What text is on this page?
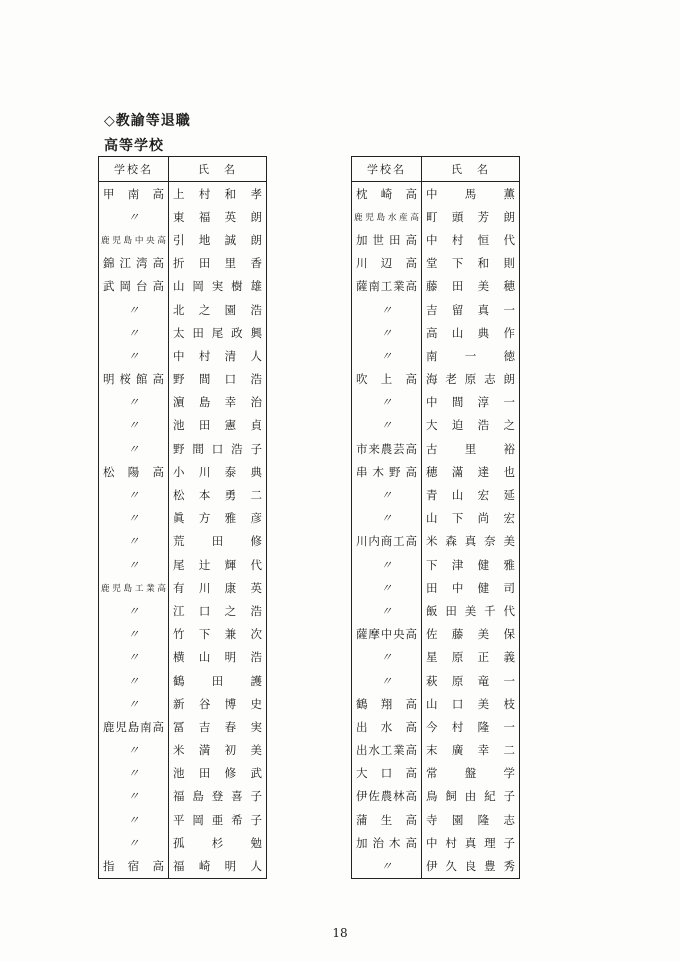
◇教諭等退職
高等学校
学校名	氏　名
甲南高	上村和孝
〃	東福英朗
鹿児島中央高	引地誠朗
錦江湾高	折田里香
武岡台高	山岡実樹雄
〃	北之園浩
〃	太田尾政興
〃	中村清人
明桜館高	野間口浩
〃	濵島幸治
〃	池田憲貞
〃	野間口浩子
松陽高	小川泰典
〃	松本勇二
〃	眞方雅彦
〃	荒田修
〃	尾辻輝代
鹿児島工業高	有川康英
〃	江口之浩
〃	竹下兼次
〃	横山明浩
〃	鶴田護
〃	新谷博史
鹿児島南高	冨吉春実
〃	米満初美
〃	池田修武
〃	福島登喜子
〃	平岡亜希子
〃	孤杉勉
指宿高	福崎明人
学校名	氏　名
枕崎高	中馬薫
鹿児島水産高	町頭芳朗
加世田高	中村恒代
川辺高	堂下和則
薩南工業高	藤田美穂
〃	吉留真一
〃	高山典作
〃	南一徳
吹上高	海老原志朗
〃	中間淳一
〃	大迫浩之
市来農芸高	古里裕
串木野高	穂滿達也
〃	青山宏延
〃	山下尚宏
川内商工高	米森真奈美
〃	下津健雅
〃	田中健司
〃	飯田美千代
薩摩中央高	佐藤美保
〃	星原正義
〃	萩原竜一
鶴翔高	山口美枝
出水高	今村隆一
出水工業高	末廣幸二
大口高	常盤学
伊佐農林高	鳥飼由紀子
蒲生高	寺園隆志
加治木高	中村真理子
〃	伊久良豊秀
18
